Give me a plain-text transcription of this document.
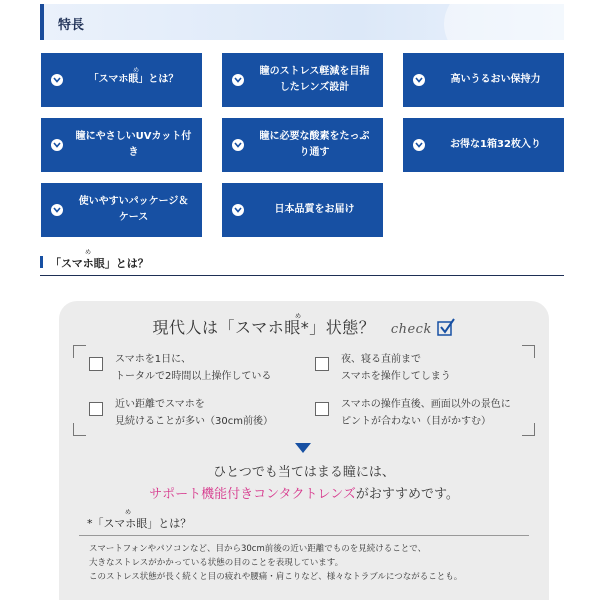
特長
「スマホ眼」とは？
め	瞳のストレス軽減を目指したレンズ設計
高いうるおい保持力
瞳にやさしいUVカット付き
瞳に必要な酸素をたっぷり通す
お得な1箱32枚入り
使いやすいパッケージ＆ケース
日本品質をお届け
め
「スマホ眼」とは？
現代人は「スマホ眼*」状態？ check
め
スマホを1日に、
トータルで2時間以上操作している
夜、寝る直前まで
スマホを操作してしまう
近い距離でスマホを
見続けることが多い（30cm前後）
スマホの操作直後、画面以外の景色に
ピントが合わない（目がかすむ）
ひとつでも当てはまる瞳には、
サポート機能付きコンタクトレンズがおすすめです。
め
*「スマホ眼」とは？
スマートフォンやパソコンなど、目から30cm前後の近い距離でものを見続けることで、
大きなストレスがかかっている状態の目のことを表現しています。
このストレス状態が長く続くと目の疲れや腰痛・肩こりなど、様々なトラブルにつながることも。
